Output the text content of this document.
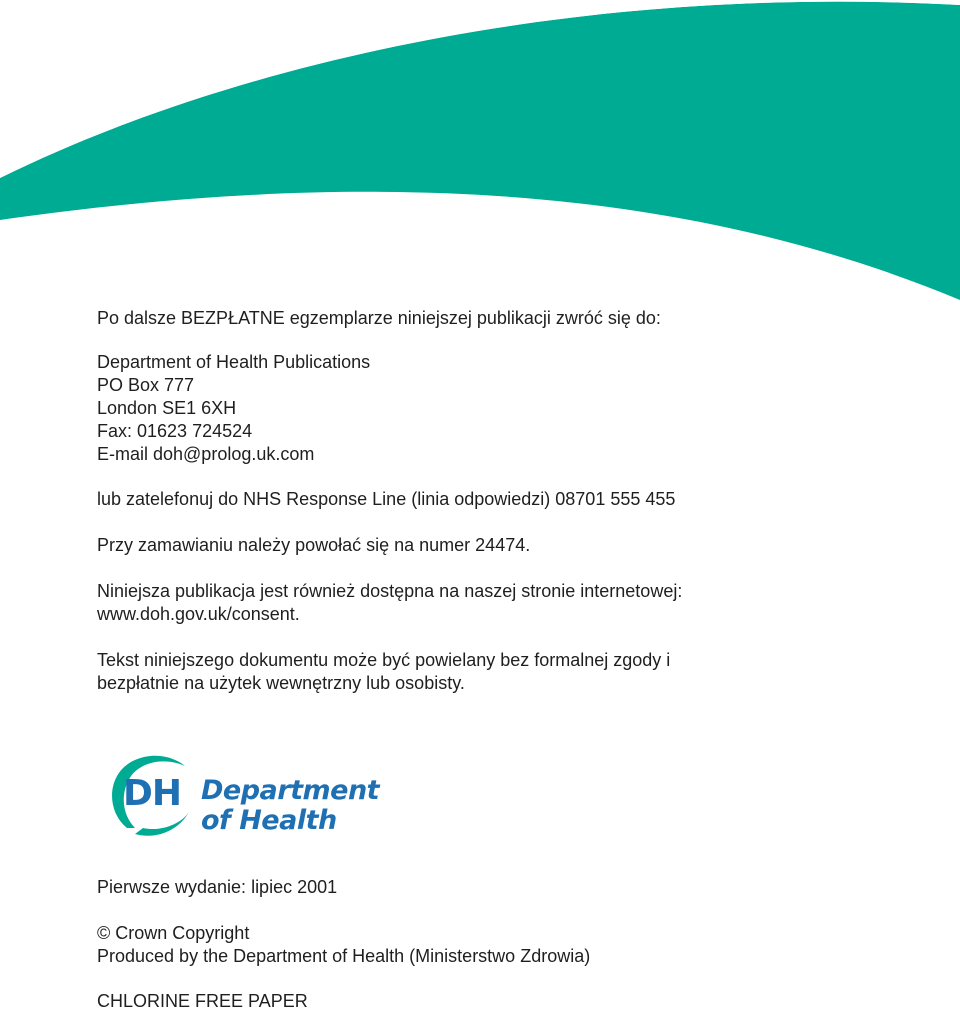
Po dalsze BEZPŁATNE egzemplarze niniejszej publikacji zwróć się do:
Department of Health Publications
PO Box 777
London SE1 6XH
Fax: 01623 724524
E-mail doh@prolog.uk.com
lub zatelefonuj do NHS Response Line (linia odpowiedzi) 08701 555 455
Przy zamawianiu należy powołać się na numer 24474.
Niniejsza publikacja jest również dostępna na naszej stronie internetowej:
www.doh.gov.uk/consent.
Tekst niniejszego dokumentu może być powielany bez formalnej zgody i
bezpłatnie na użytek wewnętrzny lub osobisty.
Pierwsze wydanie: lipiec 2001
© Crown Copyright
Produced by the Department of Health (Ministerstwo Zdrowia)
CHLORINE FREE PAPER
DH Department
of Health
